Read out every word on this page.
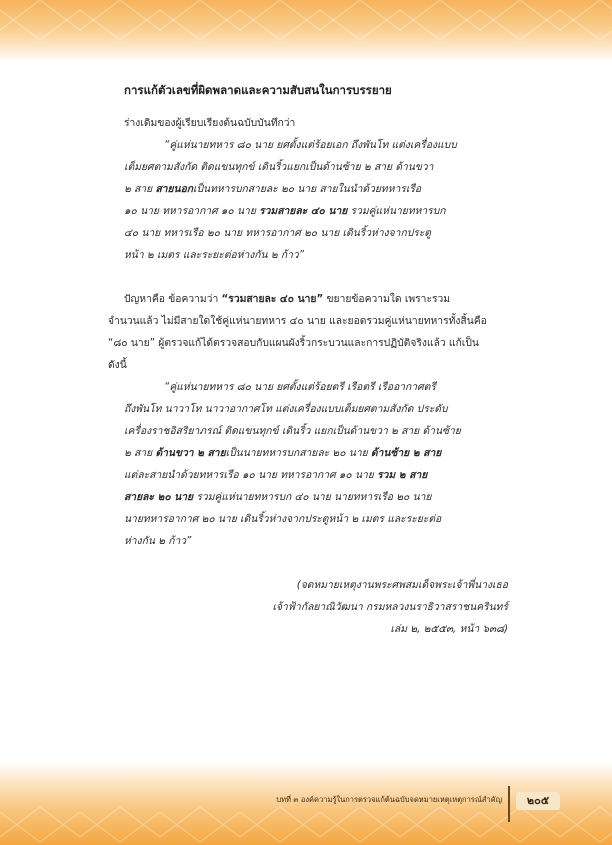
การแก้ตัวเลขที่ผิดพลาดและความสับสนในการบรรยาย
ร่างเดิมของผู้เรียบเรียงต้นฉบับบันทึกว่า
“คู่แห่นายทหาร ๘๐ นาย ยศตั้งแต่ร้อยเอก ถึงพันโท แต่งเครื่องแบบ
เต็มยศตามสังกัด ติดแขนทุกข์ เดินริ้วแยกเป็นด้านซ้าย ๒ สาย ด้านขวา
๒ สาย สายนอกเป็นทหารบกสายละ ๒๐ นาย สายในนำด้วยทหารเรือ
๑๐ นาย ทหารอากาศ ๑๐ นาย รวมสายละ ๔๐ นาย รวมคู่แห่นายทหารบก
๔๐ นาย ทหารเรือ ๒๐ นาย ทหารอากาศ ๒๐ นาย เดินริ้วห่างจากประตู
หน้า ๒ เมตร และระยะต่อห่างกัน ๒ ก้าว”
ปัญหาคือ ข้อความว่า “รวมสายละ ๔๐ นาย” ขยายข้อความใด เพราะรวม
จำนวนแล้ว ไม่มีสายใดใช้คู่แห่นายทหาร ๔๐ นาย และยอดรวมคู่แห่นายทหารทั้งสิ้นคือ
“๘๐ นาย” ผู้ตรวจแก้ได้ตรวจสอบกับแผนผังริ้วกระบวนและการปฏิบัติจริงแล้ว แก้เป็น
ดังนี้
“คู่แห่นายทหาร ๘๐ นาย ยศตั้งแต่ร้อยตรี เรือตรี เรืออากาศตรี
ถึงพันโท นาวาโท นาวาอากาศโท แต่งเครื่องแบบเต็มยศตามสังกัด ประดับ
เครื่องราชอิสริยาภรณ์ ติดแขนทุกข์ เดินริ้ว แยกเป็นด้านขวา ๒ สาย ด้านซ้าย
๒ สาย ด้านขวา ๒ สายเป็นนายทหารบกสายละ ๒๐ นาย ด้านซ้าย ๒ สาย
แต่ละสายนำด้วยทหารเรือ ๑๐ นาย ทหารอากาศ ๑๐ นาย รวม ๒ สาย
สายละ ๒๐ นาย รวมคู่แห่นายทหารบก ๔๐ นาย นายทหารเรือ ๒๐ นาย
นายทหารอากาศ ๒๐ นาย เดินริ้วห่างจากประตูหน้า ๒ เมตร และระยะต่อ
ห่างกัน ๒ ก้าว”
(จดหมายเหตุงานพระศพสมเด็จพระเจ้าพี่นางเธอ
เจ้าฟ้ากัลยาณิวัฒนา กรมหลวงนราธิวาสราชนครินทร์
เล่ม ๒, ๒๕๕๓, หน้า ๖๓๘)
บทที่ ๓ องค์ความรู้ในการตรวจแก้ต้นฉบับจดหมายเหตุเหตุการณ์สำคัญ	๒๐๕
